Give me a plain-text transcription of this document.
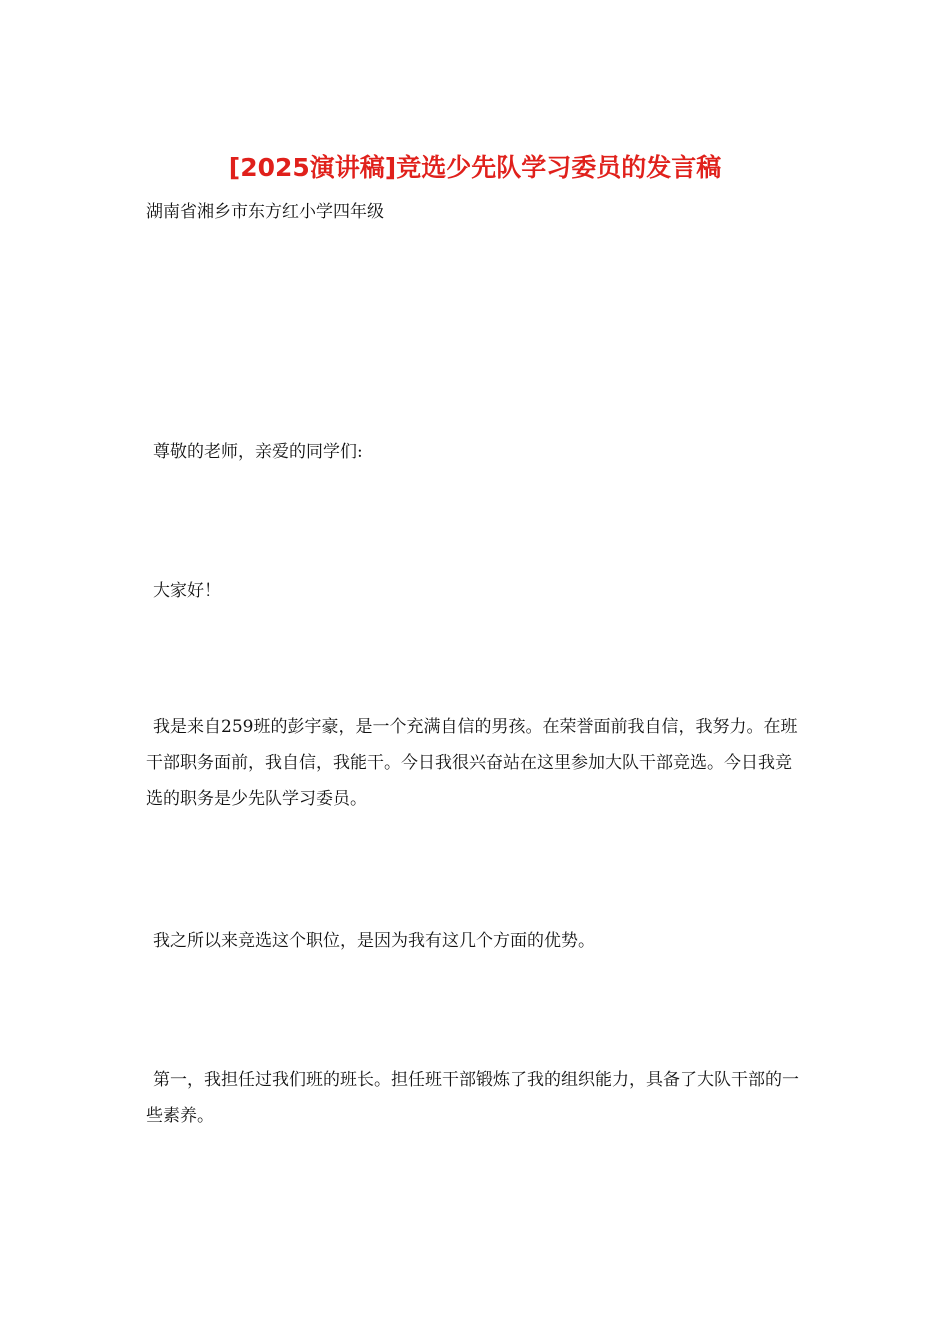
[2025演讲稿]竞选少先队学习委员的发言稿
湖南省湘乡市东方红小学四年级
尊敬的老师，亲爱的同学们:
大家好！
我是来自259班的彭宇豪，是一个充满自信的男孩。在荣誉面前我自信，我努力。在班干部职务面前，我自信，我能干。今日我很兴奋站在这里参加大队干部竞选。今日我竞选的职务是少先队学习委员。
我之所以来竞选这个职位，是因为我有这几个方面的优势。
第一，我担任过我们班的班长。担任班干部锻炼了我的组织能力，具备了大队干部的一些素养。
